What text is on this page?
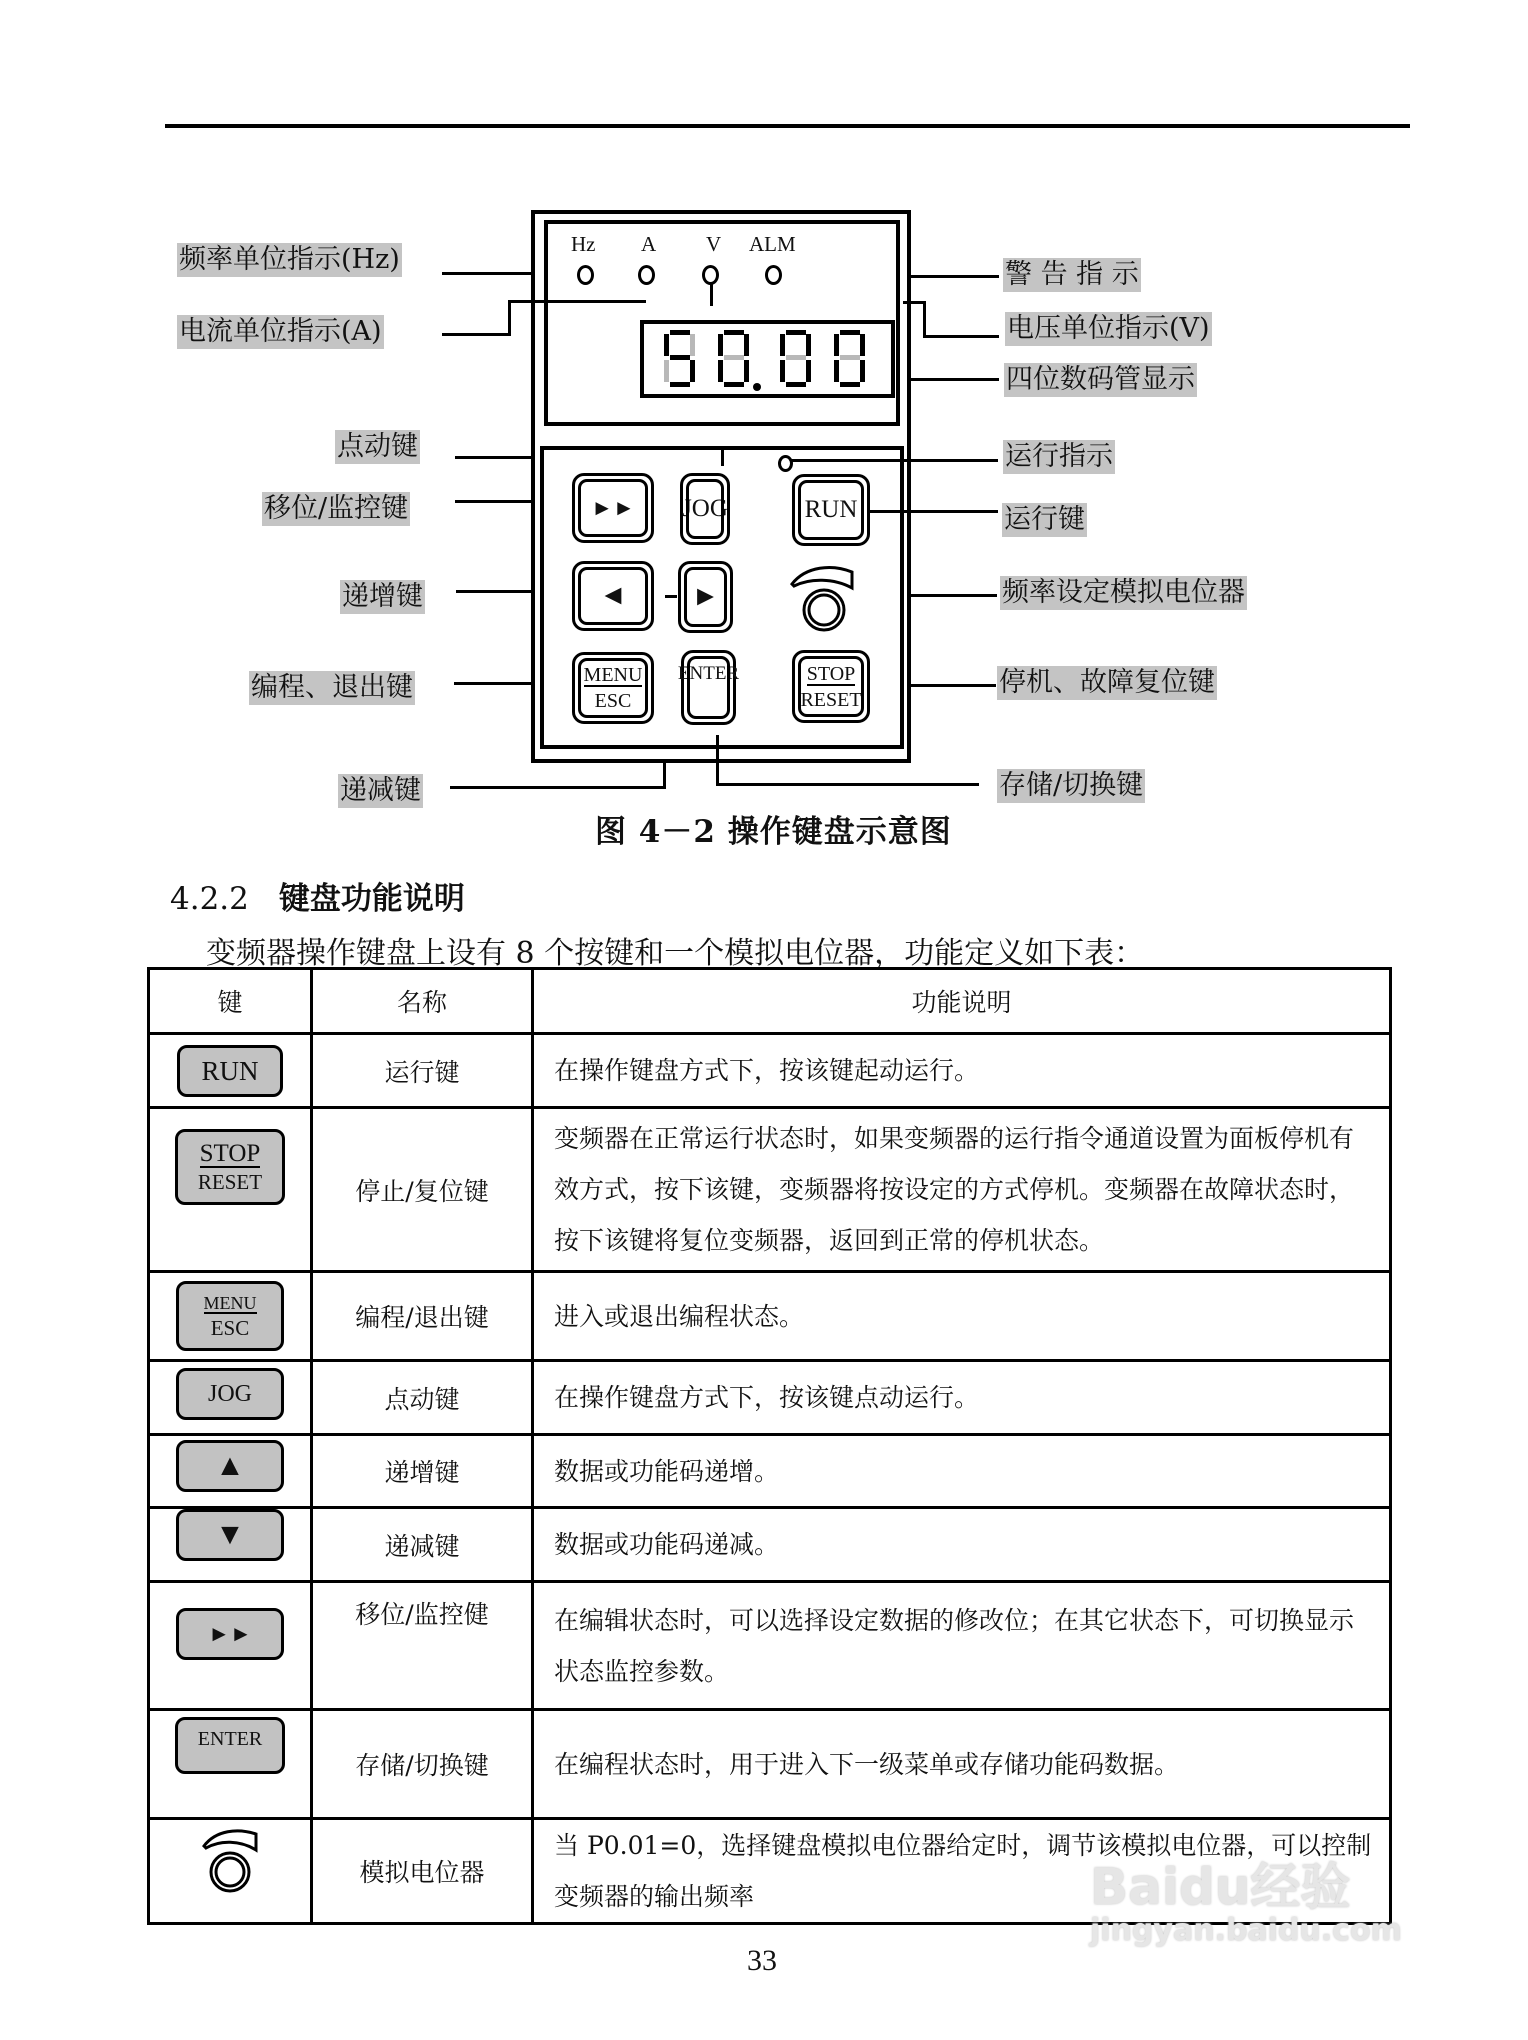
Hz A V ALM
►►	JOG	RUN
◄	►
MENU
ESC
ENTER	STOP
RESET
频率单位指示(Hz)
电流单位指示(A)
点动键
移位/监控键
递增键
编程、退出键
递减键
警 告 指 示
电压单位指示(V)
四位数码管显示
运行指示
运行键
频率设定模拟电位器
停机、故障复位键
存储/切换键
图 4－2 操作键盘示意图
4.2.2 键盘功能说明
变频器操作键盘上设有 8 个按键和一个模拟电位器，功能定义如下表：
键	名称	功能说明
RUN	运行键	在操作键盘方式下，按该键起动运行。

STOP
RESET	停止/复位键	变频器在正常运行状态时，如果变频器的运行指令通道设置为面板停机有效方式，按下该键，变频器将按设定的方式停机。变频器在故障状态时，按下该键将复位变频器，返回到正常的停机状态。

MENU
ESC	编程/退出键	进入或退出编程状态。
JOG	点动键	在操作键盘方式下，按该键点动运行。
▲	递增键	数据或功能码递增。
▼	递减键	数据或功能码递减。
►►	移位/监控健	在编辑状态时，可以选择设定数据的修改位；在其它状态下，可切换显示状态监控参数。
ENTER	存储/切换键	在编程状态时，用于进入下一级菜单或存储功能码数据。
	模拟电位器	当 P0.01=0，选择键盘模拟电位器给定时，调节该模拟电位器，可以控制变频器的输出频率
33
Baidu经验
jingyan.baidu.com
